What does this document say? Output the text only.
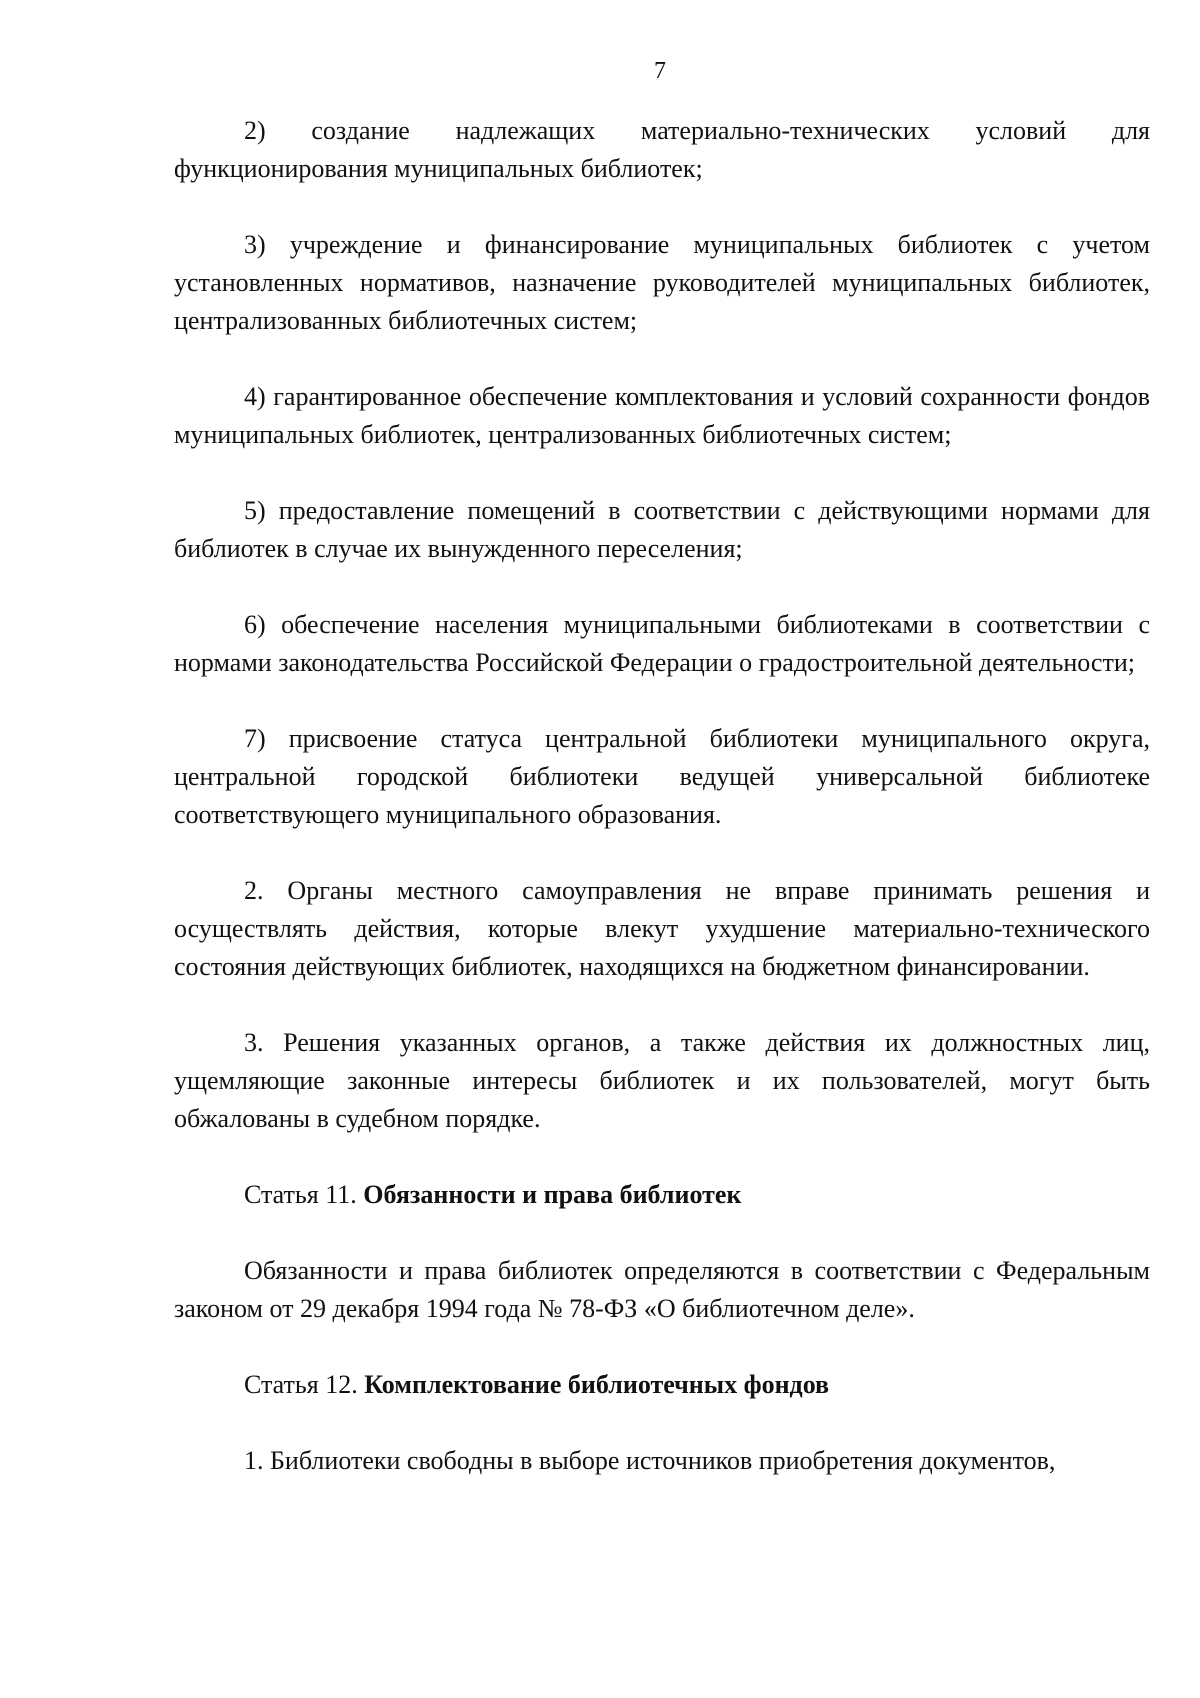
7

2) создание надлежащих материально-технических условий для функционирования муниципальных библиотек;

3) учреждение и финансирование муниципальных библиотек с учетом установленных нормативов, назначение руководителей муниципальных библиотек, централизованных библиотечных систем;

4) гарантированное обеспечение комплектования и условий сохранности фондов муниципальных библиотек, централизованных библиотечных систем;

5) предоставление помещений в соответствии с действующими нормами для библиотек в случае их вынужденного переселения;

6) обеспечение населения муниципальными библиотеками в соответствии с нормами законодательства Российской Федерации о градостроительной деятельности;

7) присвоение статуса центральной библиотеки муниципального округа, центральной городской библиотеки ведущей универсальной библиотеке соответствующего муниципального образования.

2. Органы местного самоуправления не вправе принимать решения и осуществлять действия, которые влекут ухудшение материально-технического состояния действующих библиотек, находящихся на бюджетном финансировании.

3. Решения указанных органов, а также действия их должностных лиц, ущемляющие законные интересы библиотек и их пользователей, могут быть обжалованы в судебном порядке.

Статья 11. Обязанности и права библиотек

Обязанности и права библиотек определяются в соответствии с Федеральным законом от 29 декабря 1994 года № 78-ФЗ «О библиотечном деле».

Статья 12. Комплектование библиотечных фондов

1. Библиотеки свободны в выборе источников приобретения документов,
